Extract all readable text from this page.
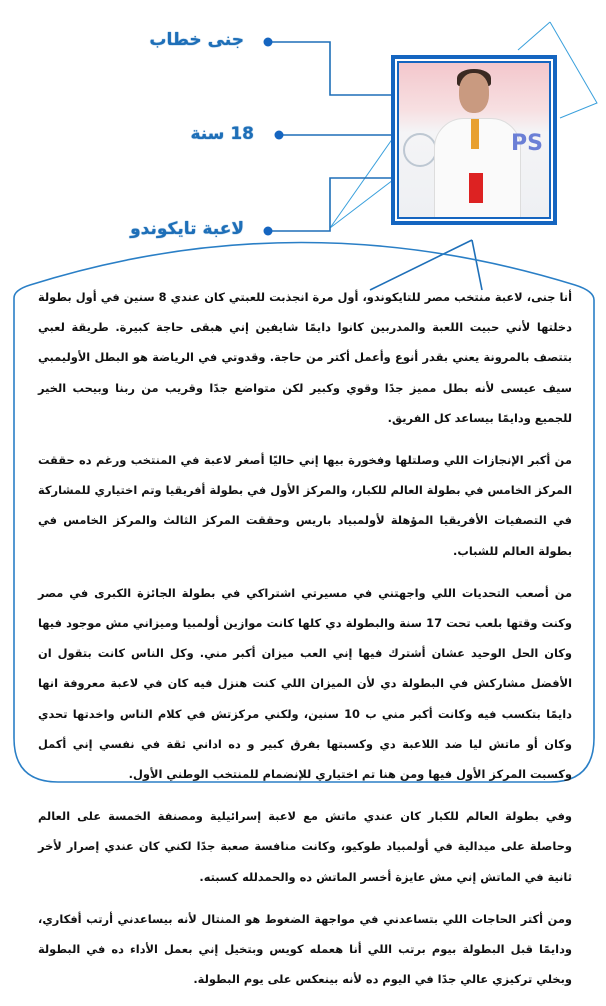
جنى خطاب
18 سنة
لاعبة تايكوندو
PS

أنا جنى، لاعبة منتخب مصر للتايكوندو، أول مرة انجذبت للعبتي كان عندي 8 سنين في أول بطولة دخلتها لأني حبيت اللعبة والمدربين كانوا دايمًا شايفين إني هبقى حاجة كبيرة. طريقة لعبي بتتصف بالمرونة يعني بقدر أنوع وأعمل أكتر من حاجة. وقدوتي في الرياضة هو البطل الأوليمبي سيف عيسى لأنه بطل مميز جدًا وقوي وكبير لكن متواضع جدًا وقريب من ربنا وبيحب الخير للجميع ودايمًا بيساعد كل الفريق.

من أكبر الإنجازات اللي وصلتلها وفخورة بيها إني حاليًا أصغر لاعبة في المنتخب ورغم ده حققت المركز الخامس في بطولة العالم للكبار، والمركز الأول في بطولة أفريقيا وتم اختياري للمشاركة في التصفيات الأفريقيا المؤهلة لأولمبياد باريس وحققت المركز الثالث والمركز الخامس في بطولة العالم للشباب.

من أصعب التحديات اللي واجهتني في مسيرتي اشتراكي في بطولة الجائزة الكبرى في مصر وكنت وقتها بلعب تحت 17 سنة والبطولة دي كلها كانت موازين أولمبيا وميزاني مش موجود فيها وكان الحل الوحيد عشان أشترك فيها إني العب ميزان أكبر مني. وكل الناس كانت بتقول ان الأفضل مشاركش في البطولة دي لأن الميزان اللي كنت هنزل فيه كان في لاعبة معروفة انها دايمًا بتكسب فيه وكانت أكبر مني ب 10 سنين، ولكني مركزتش في كلام الناس واخدتها تحدي وكان أو ماتش ليا ضد اللاعبة دي وكسبتها بفرق كبير و ده اداني ثقة في نفسي إني أكمل وكسبت المركز الأول فيها ومن هنا تم اختياري للإنضمام للمنتخب الوطني الأول.

وفي بطولة العالم للكبار كان عندي ماتش مع لاعبة إسرائيلية ومصنفة الخمسة على العالم وحاصلة على ميدالية في أولمبياد طوكيو، وكانت منافسة صعبة جدًا لكني كان عندي إصرار لأخر ثانية في الماتش إني مش عايزة أخسر الماتش ده والحمدلله كسبته.

ومن أكتر الحاجات اللي بتساعدني في مواجهة الضغوط هو المنتال لأنه بيساعدني أرتب أفكاري، ودايمًا قبل البطولة بيوم برتب اللي أنا هعمله كويس وبتخيل إني بعمل الأداء ده في البطولة وبخلي تركيزي عالي جدًا في اليوم ده لأنه بينعكس على يوم البطولة.
